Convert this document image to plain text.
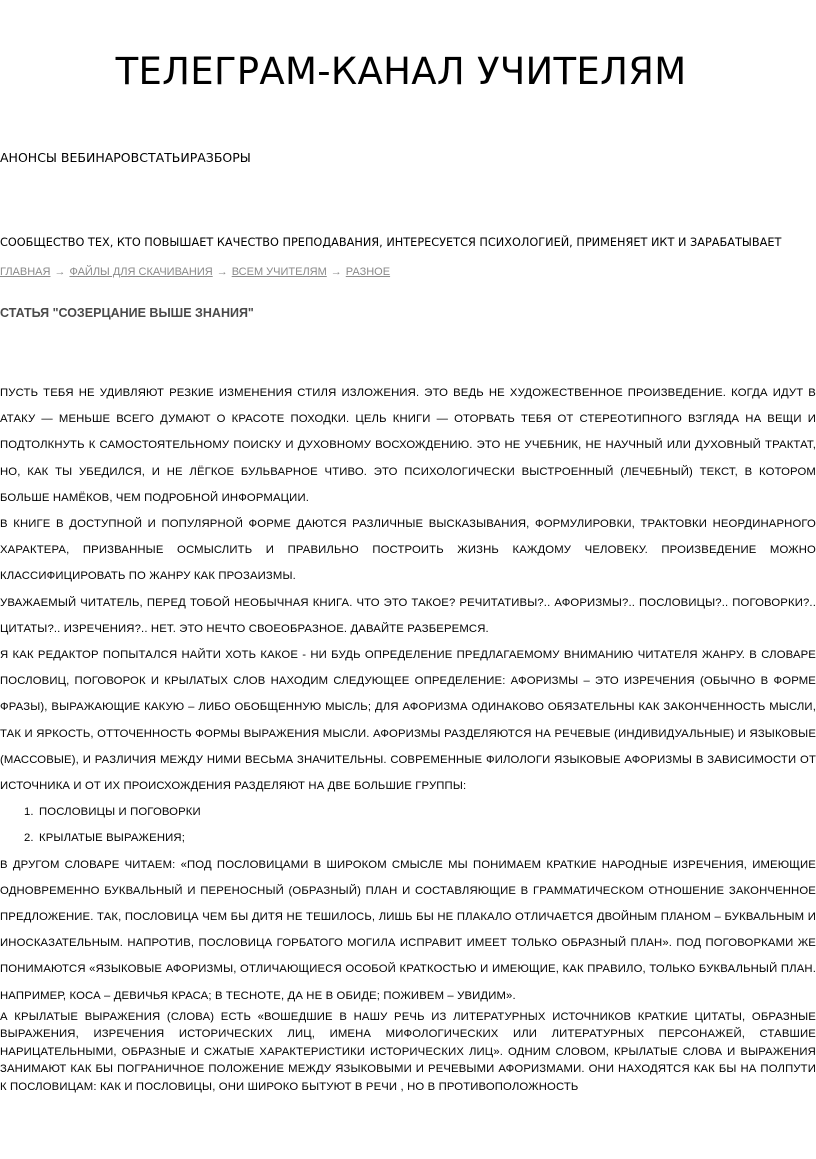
ТЕЛЕГРАМ-КАНАЛ УЧИТЕЛЯМ
АНОНСЫ ВЕБИНАРОВСТАТЬИРАЗБОРЫ
СООБЩЕСТВО ТЕХ, КТО ПОВЫШАЕТ КАЧЕСТВО ПРЕПОДАВАНИЯ, ИНТЕРЕСУЕТСЯ ПСИХОЛОГИЕЙ, ПРИМЕНЯЕТ ИКТ И ЗАРАБАТЫВАЕТ
ГЛАВНАЯ → ФАЙЛЫ ДЛЯ СКАЧИВАНИЯ → ВСЕМ УЧИТЕЛЯМ → РАЗНОЕ
СТАТЬЯ "СОЗЕРЦАНИЕ ВЫШЕ ЗНАНИЯ"

ПУСТЬ ТЕБЯ НЕ УДИВЛЯЮТ РЕЗКИЕ ИЗМЕНЕНИЯ СТИЛЯ ИЗЛОЖЕНИЯ. ЭТО ВЕДЬ НЕ ХУДОЖЕСТВЕННОЕ ПРОИЗВЕДЕНИЕ. КОГДА ИДУТ В АТАКУ — МЕНЬШЕ ВСЕГО ДУМАЮТ О КРАСОТЕ ПОХОДКИ. ЦЕЛЬ КНИГИ — ОТОРВАТЬ ТЕБЯ ОТ СТЕРЕОТИПНОГО ВЗГЛЯДА НА ВЕЩИ И ПОДТОЛКНУТЬ К САМОСТОЯТЕЛЬНОМУ ПОИСКУ И ДУХОВНОМУ ВОСХОЖДЕНИЮ. ЭТО НЕ УЧЕБНИК, НЕ НАУЧНЫЙ ИЛИ ДУХОВНЫЙ ТРАКТАТ, НО, КАК ТЫ УБЕДИЛСЯ, И НЕ ЛЁГКОЕ БУЛЬВАРНОЕ ЧТИВО. ЭТО ПСИХОЛОГИЧЕСКИ ВЫСТРОЕННЫЙ (ЛЕЧЕБНЫЙ) ТЕКСТ, В КОТОРОМ БОЛЬШЕ НАМЁКОВ, ЧЕМ ПОДРОБНОЙ ИНФОРМАЦИИ.

В КНИГЕ В ДОСТУПНОЙ И ПОПУЛЯРНОЙ ФОРМЕ ДАЮТСЯ РАЗЛИЧНЫЕ ВЫСКАЗЫВАНИЯ, ФОРМУЛИРОВКИ, ТРАКТОВКИ НЕОРДИНАРНОГО ХАРАКТЕРА, ПРИЗВАННЫЕ ОСМЫСЛИТЬ И ПРАВИЛЬНО ПОСТРОИТЬ ЖИЗНЬ КАЖДОМУ ЧЕЛОВЕКУ. ПРОИЗВЕДЕНИЕ МОЖНО КЛАССИФИЦИРОВАТЬ ПО ЖАНРУ КАК ПРОЗАИЗМЫ.

УВАЖАЕМЫЙ ЧИТАТЕЛЬ, ПЕРЕД ТОБОЙ НЕОБЫЧНАЯ КНИГА. ЧТО ЭТО ТАКОЕ? РЕЧИТАТИВЫ?.. АФОРИЗМЫ?.. ПОСЛОВИЦЫ?.. ПОГОВОРКИ?.. ЦИТАТЫ?.. ИЗРЕЧЕНИЯ?.. НЕТ. ЭТО НЕЧТО СВОЕОБРАЗНОЕ. ДАВАЙТЕ РАЗБЕРЕМСЯ.

Я КАК РЕДАКТОР ПОПЫТАЛСЯ НАЙТИ ХОТЬ КАКОЕ - НИ БУДЬ ОПРЕДЕЛЕНИЕ ПРЕДЛАГАЕМОМУ ВНИМАНИЮ ЧИТАТЕЛЯ ЖАНРУ. В СЛОВАРЕ ПОСЛОВИЦ, ПОГОВОРОК И КРЫЛАТЫХ СЛОВ НАХОДИМ СЛЕДУЮЩЕЕ ОПРЕДЕЛЕНИЕ: АФОРИЗМЫ – ЭТО ИЗРЕЧЕНИЯ (ОБЫЧНО В ФОРМЕ ФРАЗЫ), ВЫРАЖАЮЩИЕ КАКУЮ – ЛИБО ОБОБЩЕННУЮ МЫСЛЬ; ДЛЯ АФОРИЗМА ОДИНАКОВО ОБЯЗАТЕЛЬНЫ КАК ЗАКОНЧЕННОСТЬ МЫСЛИ, ТАК И ЯРКОСТЬ, ОТТОЧЕННОСТЬ ФОРМЫ ВЫРАЖЕНИЯ МЫСЛИ. АФОРИЗМЫ РАЗДЕЛЯЮТСЯ НА РЕЧЕВЫЕ (ИНДИВИДУАЛЬНЫЕ) И ЯЗЫКОВЫЕ (МАССОВЫЕ), И РАЗЛИЧИЯ МЕЖДУ НИМИ ВЕСЬМА ЗНАЧИТЕЛЬНЫ. СОВРЕМЕННЫЕ ФИЛОЛОГИ ЯЗЫКОВЫЕ АФОРИЗМЫ В ЗАВИСИМОСТИ ОТ ИСТОЧНИКА И ОТ ИХ ПРОИСХОЖДЕНИЯ РАЗДЕЛЯЮТ НА ДВЕ БОЛЬШИЕ ГРУППЫ:

1. ПОСЛОВИЦЫ И ПОГОВОРКИ
2. КРЫЛАТЫЕ ВЫРАЖЕНИЯ;

В ДРУГОМ СЛОВАРЕ ЧИТАЕМ: «ПОД ПОСЛОВИЦАМИ В ШИРОКОМ СМЫСЛЕ МЫ ПОНИМАЕМ КРАТКИЕ НАРОДНЫЕ ИЗРЕЧЕНИЯ, ИМЕЮЩИЕ ОДНОВРЕМЕННО БУКВАЛЬНЫЙ И ПЕРЕНОСНЫЙ (ОБРАЗНЫЙ) ПЛАН И СОСТАВЛЯЮЩИЕ В ГРАММАТИЧЕСКОМ ОТНОШЕНИЕ ЗАКОНЧЕННОЕ ПРЕДЛОЖЕНИЕ. ТАК, ПОСЛОВИЦА ЧЕМ БЫ ДИТЯ НЕ ТЕШИЛОСЬ, ЛИШЬ БЫ НЕ ПЛАКАЛО ОТЛИЧАЕТСЯ ДВОЙНЫМ ПЛАНОМ – БУКВАЛЬНЫМ И ИНОСКАЗАТЕЛЬНЫМ. НАПРОТИВ, ПОСЛОВИЦА ГОРБАТОГО МОГИЛА ИСПРАВИТ ИМЕЕТ ТОЛЬКО ОБРАЗНЫЙ ПЛАН». ПОД ПОГОВОРКАМИ ЖЕ ПОНИМАЮТСЯ «ЯЗЫКОВЫЕ АФОРИЗМЫ, ОТЛИЧАЮЩИЕСЯ ОСОБОЙ КРАТКОСТЬЮ И ИМЕЮЩИЕ, КАК ПРАВИЛО, ТОЛЬКО БУКВАЛЬНЫЙ ПЛАН. НАПРИМЕР, КОСА – ДЕВИЧЬЯ КРАСА; В ТЕСНОТЕ, ДА НЕ В ОБИДЕ; ПОЖИВЕМ – УВИДИМ».

А КРЫЛАТЫЕ ВЫРАЖЕНИЯ (СЛОВА) ЕСТЬ «ВОШЕДШИЕ В НАШУ РЕЧЬ ИЗ ЛИТЕРАТУРНЫХ ИСТОЧНИКОВ КРАТКИЕ ЦИТАТЫ, ОБРАЗНЫЕ ВЫРАЖЕНИЯ, ИЗРЕЧЕНИЯ ИСТОРИЧЕСКИХ ЛИЦ, ИМЕНА МИФОЛОГИЧЕСКИХ ИЛИ ЛИТЕРАТУРНЫХ ПЕРСОНАЖЕЙ, СТАВШИЕ НАРИЦАТЕЛЬНЫМИ, ОБРАЗНЫЕ И СЖАТЫЕ ХАРАКТЕРИСТИКИ ИСТОРИЧЕСКИХ ЛИЦ». ОДНИМ СЛОВОМ, КРЫЛАТЫЕ СЛОВА И ВЫРАЖЕНИЯ ЗАНИМАЮТ КАК БЫ ПОГРАНИЧНОЕ ПОЛОЖЕНИЕ МЕЖДУ ЯЗЫКОВЫМИ И РЕЧЕВЫМИ АФОРИЗМАМИ. ОНИ НАХОДЯТСЯ КАК БЫ НА ПОЛПУТИ К ПОСЛОВИЦАМ: КАК И ПОСЛОВИЦЫ, ОНИ ШИРОКО БЫТУЮТ В РЕЧИ , НО В ПРОТИВОПОЛОЖНОСТЬ
